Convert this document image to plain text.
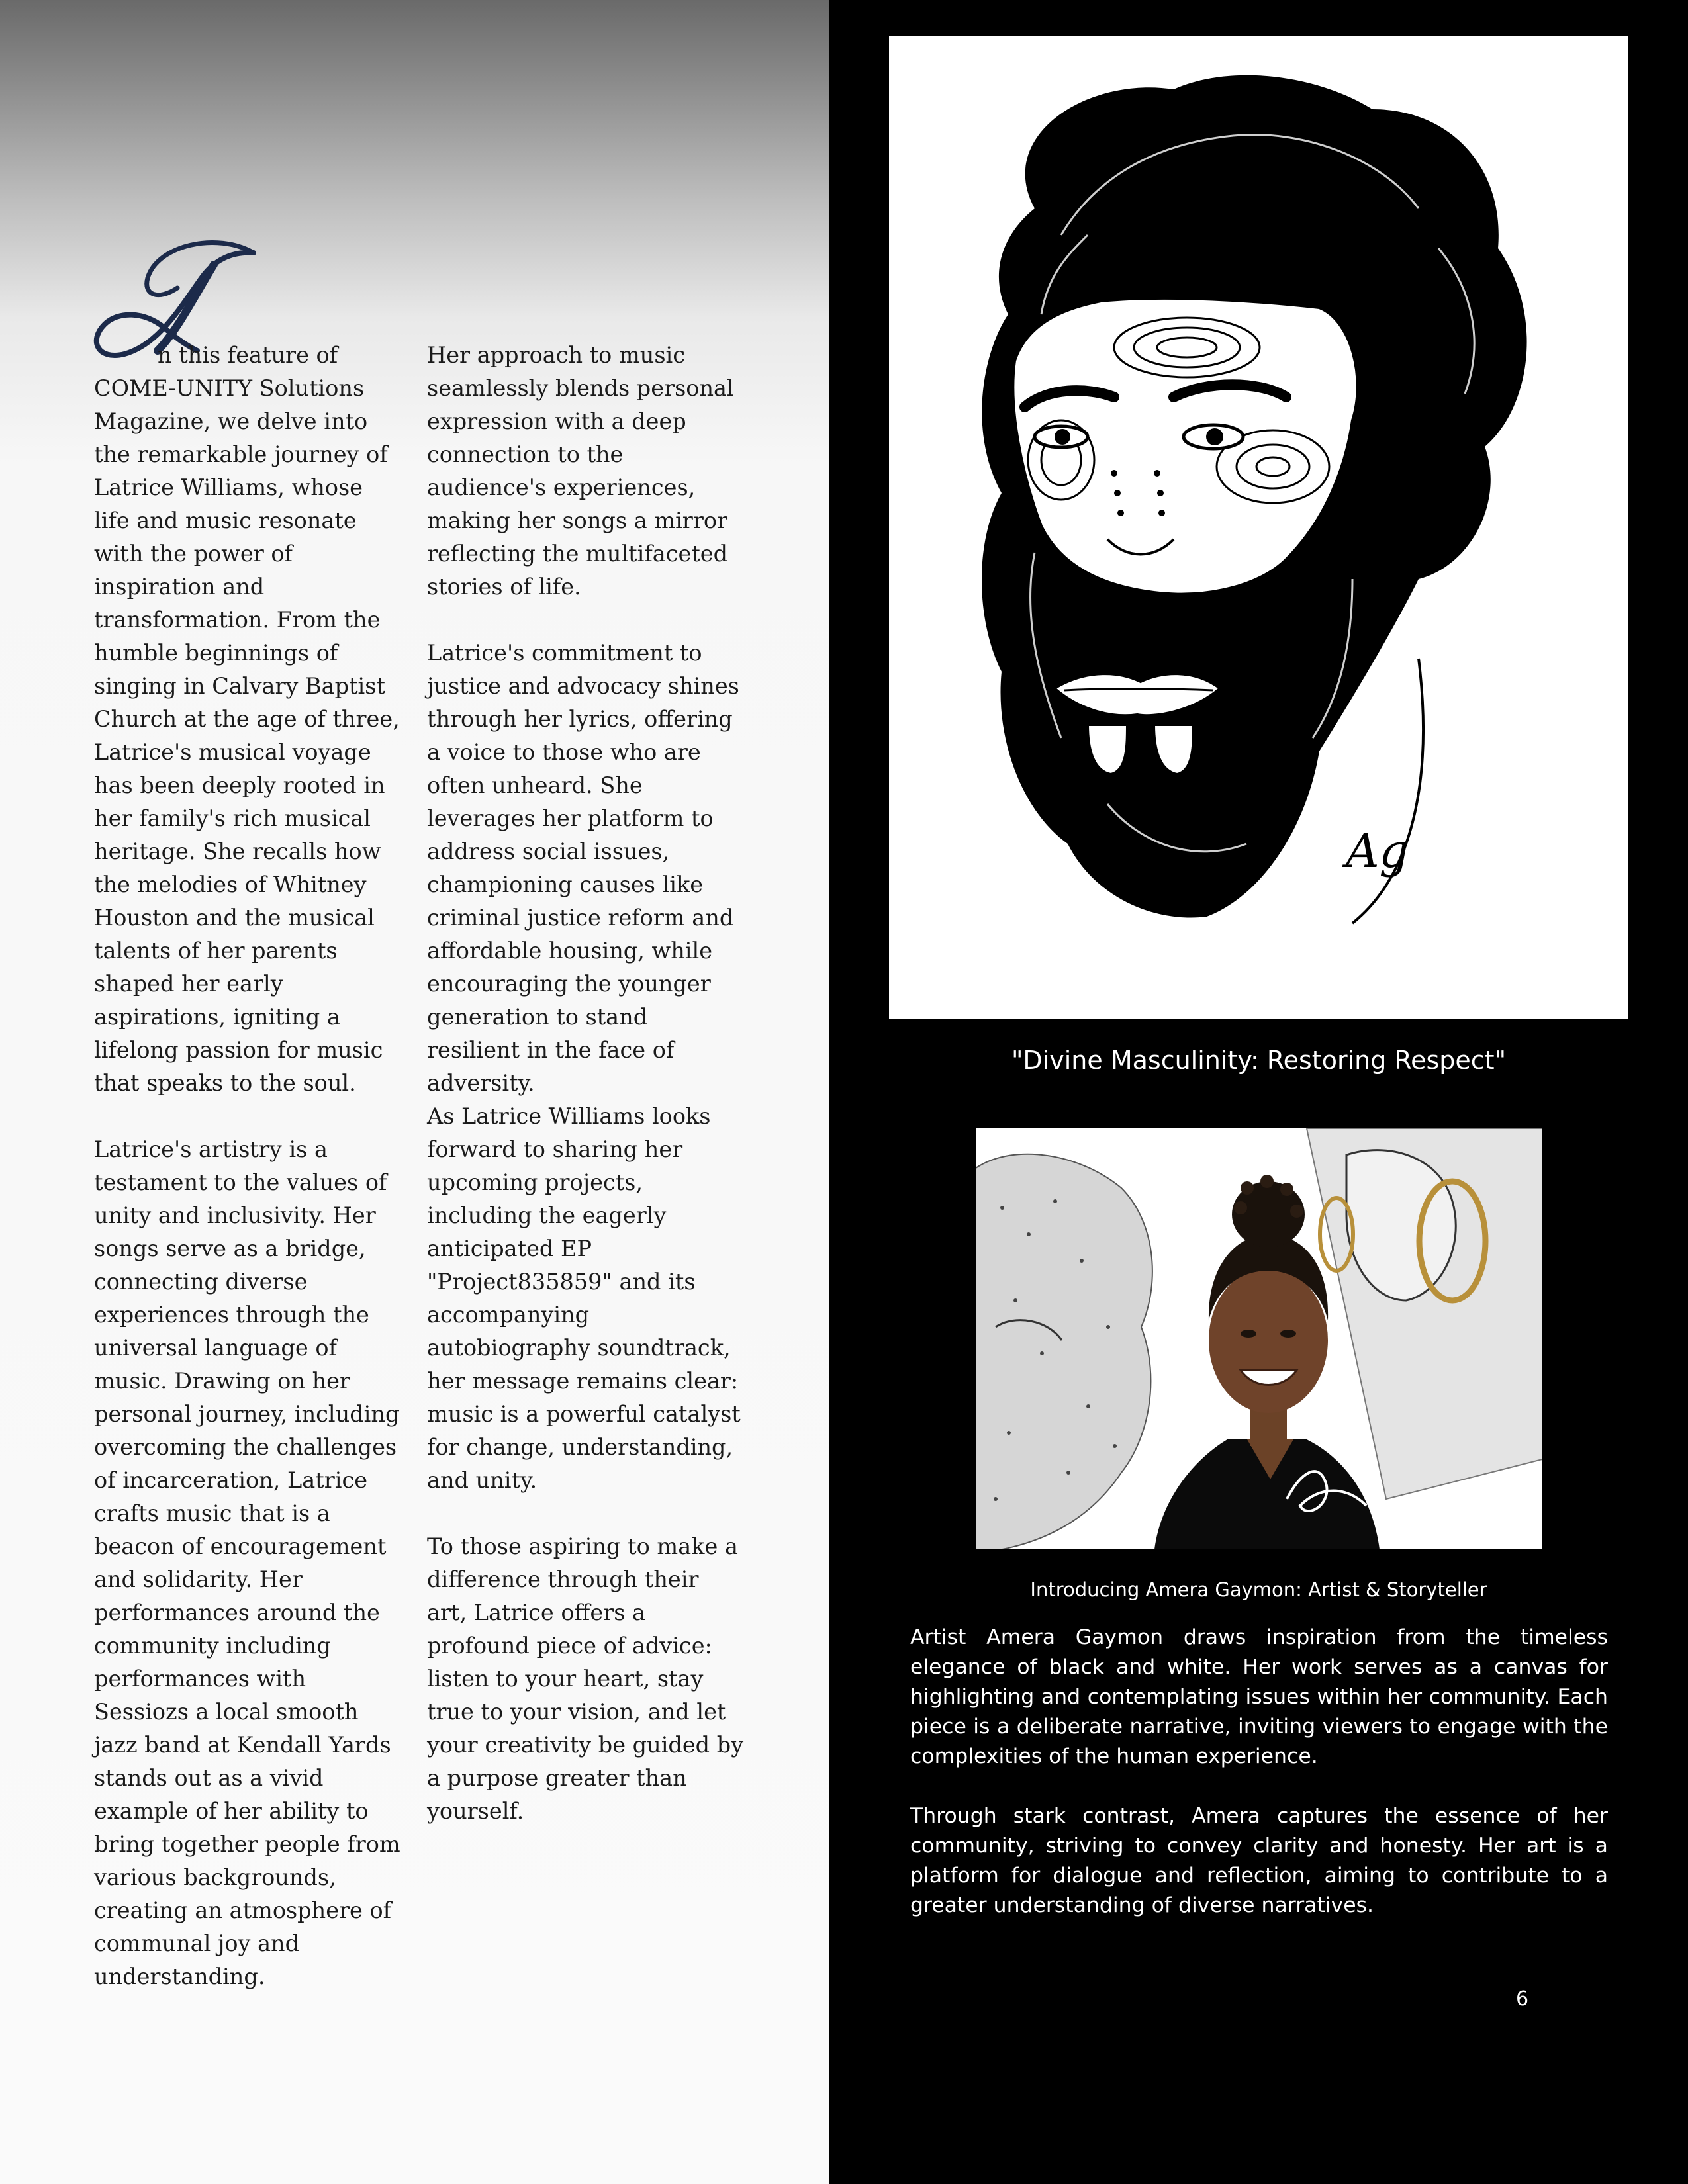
n this feature of COME-UNITY Solutions Magazine, we delve into the remarkable journey of Latrice Williams, whose life and music resonate with the power of inspiration and transformation. From the humble beginnings of singing in Calvary Baptist Church at the age of three, Latrice's musical voyage has been deeply rooted in her family's rich musical heritage. She recalls how the melodies of Whitney Houston and the musical talents of her parents shaped her early aspirations, igniting a lifelong passion for music that speaks to the soul.

Latrice's artistry is a testament to the values of unity and inclusivity. Her songs serve as a bridge, connecting diverse experiences through the universal language of music. Drawing on her personal journey, including overcoming the challenges of incarceration, Latrice crafts music that is a beacon of encouragement and solidarity. Her performances around the community including performances with Sessiozs a local smooth jazz band at Kendall Yards stands out as a vivid example of her ability to bring together people from various backgrounds, creating an atmosphere of communal joy and understanding.

Her approach to music seamlessly blends personal expression with a deep connection to the audience's experiences, making her songs a mirror reflecting the multifaceted stories of life.

Latrice's commitment to justice and advocacy shines through her lyrics, offering a voice to those who are often unheard. She leverages her platform to address social issues, championing causes like criminal justice reform and affordable housing, while encouraging the younger generation to stand resilient in the face of adversity.

As Latrice Williams looks forward to sharing her upcoming projects, including the eagerly anticipated EP "Project835859" and its accompanying autobiography soundtrack, her message remains clear: music is a powerful catalyst for change, understanding, and unity.

To those aspiring to make a difference through their art, Latrice offers a profound piece of advice: listen to your heart, stay true to your vision, and let your creativity be guided by a purpose greater than yourself.

Ag
"Divine Masculinity: Restoring Respect"
Introducing Amera Gaymon: Artist & Storyteller

Artist Amera Gaymon draws inspiration from the timeless elegance of black and white. Her work serves as a canvas for highlighting and contemplating issues within her community. Each piece is a deliberate narrative, inviting viewers to engage with the complexities of the human experience.

Through stark contrast, Amera captures the essence of her community, striving to convey clarity and honesty. Her art is a platform for dialogue and reflection, aiming to contribute to a greater understanding of diverse narratives.

6
